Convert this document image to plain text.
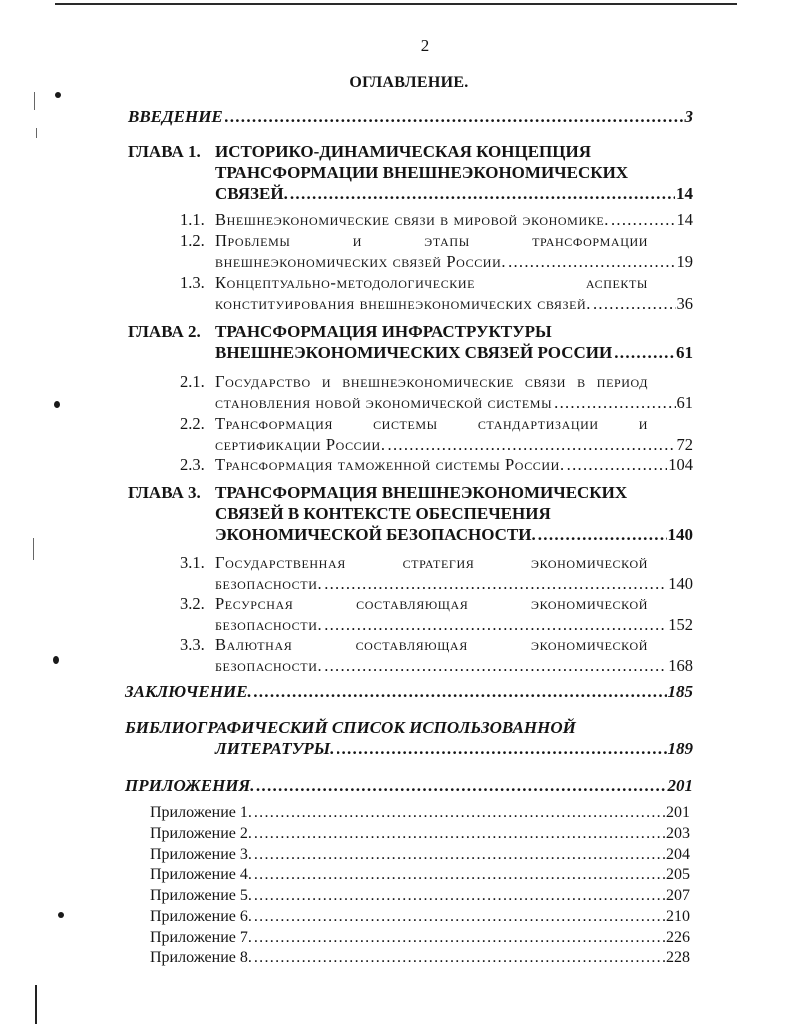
2
ОГЛАВЛЕНИЕ.
ВВЕДЕНИЕ .....	3
ГЛАВА 1. ИСТОРИКО-ДИНАМИЧЕСКАЯ КОНЦЕПЦИЯ
ТРАНСФОРМАЦИИ ВНЕШНЕЭКОНОМИЧЕСКИХ
СВЯЗЕЙ. .....	14
1.1. Внешнеэкономические связи в мировой экономике. .....	14
1.2. Проблемы и этапы трансформации
внешнеэкономических связей России. .....	19
1.3. Концептуально-методологические аспекты
конституирования внешнеэкономических связей. .....	36
ГЛАВА 2. ТРАНСФОРМАЦИЯ ИНФРАСТРУКТУРЫ
ВНЕШНЕЭКОНОМИЧЕСКИХ СВЯЗЕЙ РОССИИ .....	61
2.1. Государство и внешнеэкономические связи в период
становления новой экономической системы .....	61
2.2. Трансформация системы стандартизации и
сертификации России. .....	72
2.3. Трансформация таможенной системы России. .....	104
ГЛАВА 3. ТРАНСФОРМАЦИЯ ВНЕШНЕЭКОНОМИЧЕСКИХ
СВЯЗЕЙ В КОНТЕКСТЕ ОБЕСПЕЧЕНИЯ
ЭКОНОМИЧЕСКОЙ БЕЗОПАСНОСТИ. .....	140
3.1. Государственная стратегия экономической
безопасности. .....	140
3.2. Ресурсная составляющая экономической
безопасности. .....	152
3.3. Валютная составляющая экономической
безопасности. .....	168
ЗАКЛЮЧЕНИЕ. .....	185
БИБЛИОГРАФИЧЕСКИЙ СПИСОК ИСПОЛЬЗОВАННОЙ
ЛИТЕРАТУРЫ. .....	189
ПРИЛОЖЕНИЯ. .....	201
Приложение 1. .....	201
Приложение 2. .....	203
Приложение 3. .....	204
Приложение 4. .....	205
Приложение 5. .....	207
Приложение 6. .....	210
Приложение 7. .....	226
Приложение 8. .....	228
